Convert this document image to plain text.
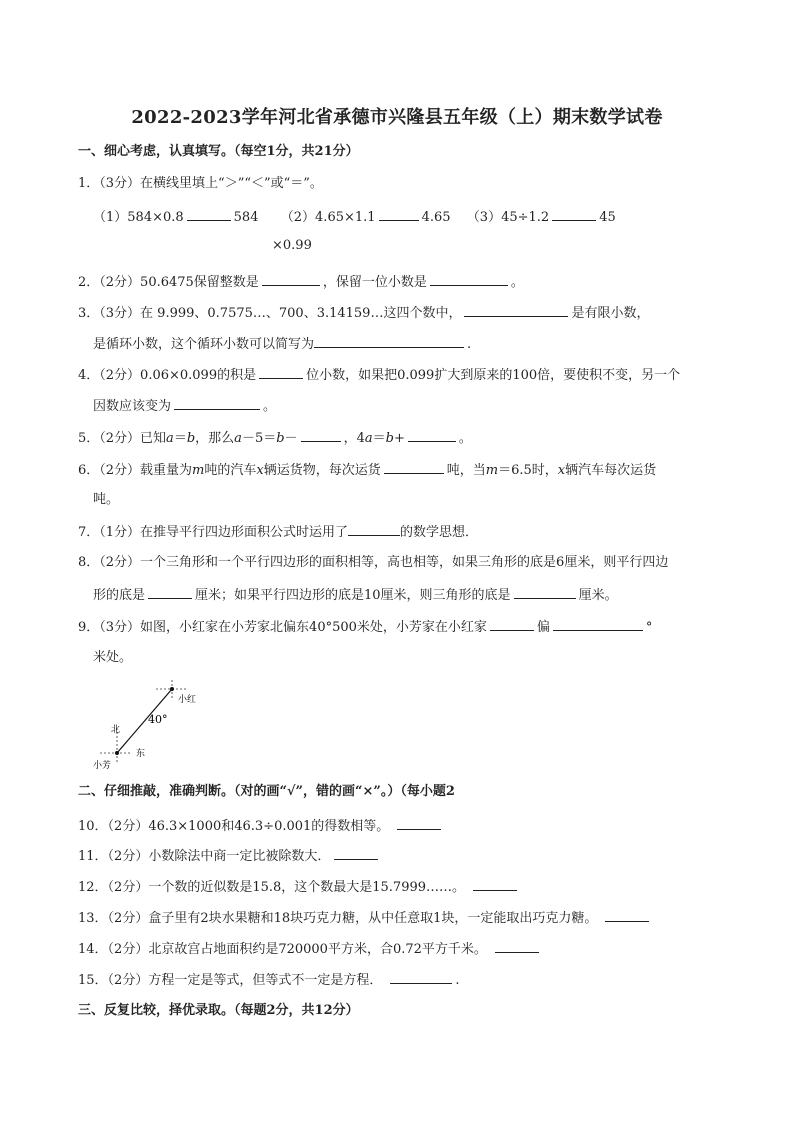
2022-2023学年河北省承德市兴隆县五年级（上）期末数学试卷
一、细心考虑，认真填写。（每空1分，共21分）
1．（3分）在横线里填上“＞”“＜”或“＝”。
（1）584×0.8	584 （2）4.65×1.1	4.65 （3）45÷1.2	45
×0.99
2．（2分）50.6475保留整数是	，保留一位小数是	。
3．（3分）在 9.999、0.7575…、700、3.14159…这四个数中，	是有限小数，
是循环小数，这个循环小数可以简写为	.
4．（2分）0.06×0.099的积是	位小数，如果把0.099扩大到原来的100倍，要使积不变，另一个
因数应该变为	。
5．（2分）已知a＝b，那么a－5＝b－	，4a＝b+	。
6．（2分）载重量为m吨的汽车x辆运货物，每次运货	吨，当m＝6.5时，x辆汽车每次运货
吨。
7．（1分）在推导平行四边形面积公式时运用了	的数学思想．
8．（2分）一个三角形和一个平行四边形的面积相等，高也相等，如果三角形的底是6厘米，则平行四边
形的底是	厘米；如果平行四边形的底是10厘米，则三角形的底是	厘米。
9．（3分）如图，小红家在小芳家北偏东40°500米处，小芳家在小红家	偏	°
米处。
小红
40°
北
东
小芳
二、仔细推敲，准确判断。（对的画“√”，错的画“×”。）（每小题2
10．（2分）46.3×1000和46.3÷0.001的得数相等。
11．（2分）小数除法中商一定比被除数大．
12．（2分）一个数的近似数是15.8，这个数最大是15.7999……。
13．（2分）盒子里有2块水果糖和18块巧克力糖，从中任意取1块，一定能取出巧克力糖。
14．（2分）北京故宫占地面积约是720000平方米，合0.72平方千米。
15．（2分）方程一定是等式，但等式不一定是方程．	.
三、反复比较，择优录取。（每题2分，共12分）
